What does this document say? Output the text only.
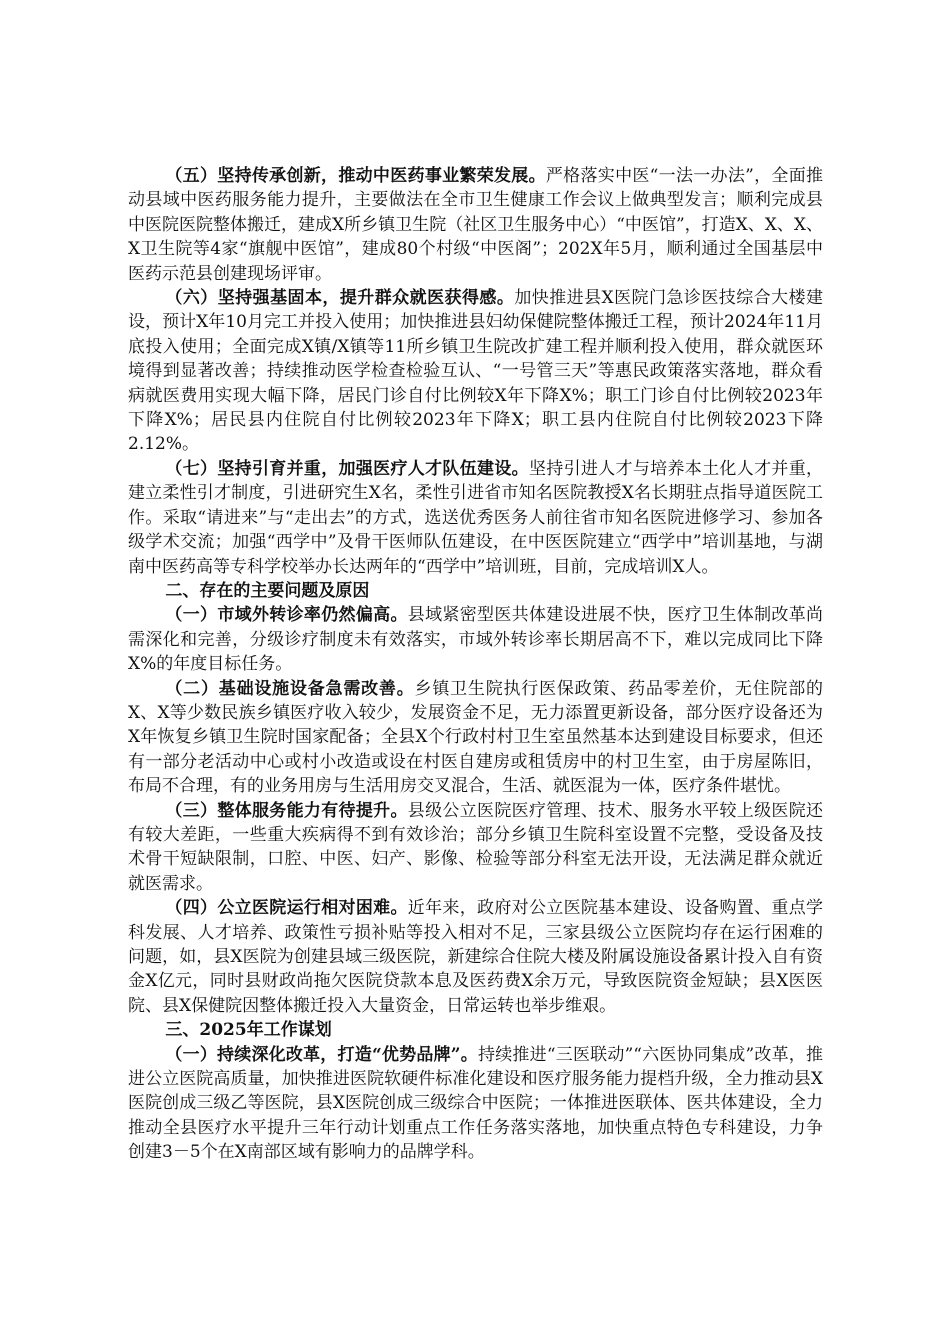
（五）坚持传承创新，推动中医药事业繁荣发展。严格落实中医“一法一办法”，全面推动县域中医药服务能力提升，主要做法在全市卫生健康工作会议上做典型发言；顺利完成县中医院医院整体搬迁，建成X所乡镇卫生院（社区卫生服务中心）“中医馆”，打造X、X、X、X卫生院等4家“旗舰中医馆”，建成80个村级“中医阁”；202X年5月，顺利通过全国基层中医药示范县创建现场评审。

（六）坚持强基固本，提升群众就医获得感。加快推进县X医院门急诊医技综合大楼建设，预计X年10月完工并投入使用；加快推进县妇幼保健院整体搬迁工程，预计2024年11月底投入使用；全面完成X镇/X镇等11所乡镇卫生院改扩建工程并顺利投入使用，群众就医环境得到显著改善；持续推动医学检查检验互认、“一号管三天”等惠民政策落实落地，群众看病就医费用实现大幅下降，居民门诊自付比例较X年下降X%；职工门诊自付比例较2023年下降X%；居民县内住院自付比例较2023年下降X；职工县内住院自付比例较2023下降2.12%。

（七）坚持引育并重，加强医疗人才队伍建设。坚持引进人才与培养本土化人才并重，建立柔性引才制度，引进研究生X名，柔性引进省市知名医院教授X名长期驻点指导道医院工作。采取“请进来”与“走出去”的方式，选送优秀医务人前往省市知名医院进修学习、参加各级学术交流；加强“西学中”及骨干医师队伍建设，在中医医院建立“西学中”培训基地，与湖南中医药高等专科学校举办长达两年的“西学中”培训班，目前，完成培训X人。

二、存在的主要问题及原因

（一）市域外转诊率仍然偏高。县域紧密型医共体建设进展不快，医疗卫生体制改革尚需深化和完善，分级诊疗制度未有效落实，市域外转诊率长期居高不下，难以完成同比下降X%的年度目标任务。

（二）基础设施设备急需改善。乡镇卫生院执行医保政策、药品零差价，无住院部的X、X等少数民族乡镇医疗收入较少，发展资金不足，无力添置更新设备，部分医疗设备还为X年恢复乡镇卫生院时国家配备；全县X个行政村村卫生室虽然基本达到建设目标要求，但还有一部分老活动中心或村小改造或设在村医自建房或租赁房中的村卫生室，由于房屋陈旧，布局不合理，有的业务用房与生活用房交叉混合，生活、就医混为一体，医疗条件堪忧。

（三）整体服务能力有待提升。县级公立医院医疗管理、技术、服务水平较上级医院还有较大差距，一些重大疾病得不到有效诊治；部分乡镇卫生院科室设置不完整，受设备及技术骨干短缺限制，口腔、中医、妇产、影像、检验等部分科室无法开设，无法满足群众就近就医需求。

（四）公立医院运行相对困难。近年来，政府对公立医院基本建设、设备购置、重点学科发展、人才培养、政策性亏损补贴等投入相对不足，三家县级公立医院均存在运行困难的问题，如，县X医院为创建县域三级医院，新建综合住院大楼及附属设施设备累计投入自有资金X亿元，同时县财政尚拖欠医院贷款本息及医药费X余万元，导致医院资金短缺；县X医医院、县X保健院因整体搬迁投入大量资金，日常运转也举步维艰。

三、2025年工作谋划

（一）持续深化改革，打造“优势品牌”。持续推进“三医联动”“六医协同集成”改革，推进公立医院高质量，加快推进医院软硬件标准化建设和医疗服务能力提档升级，全力推动县X医院创成三级乙等医院，县X医院创成三级综合中医院；一体推进医联体、医共体建设，全力推动全县医疗水平提升三年行动计划重点工作任务落实落地，加快重点特色专科建设，力争创建3－5个在X南部区域有影响力的品牌学科。
